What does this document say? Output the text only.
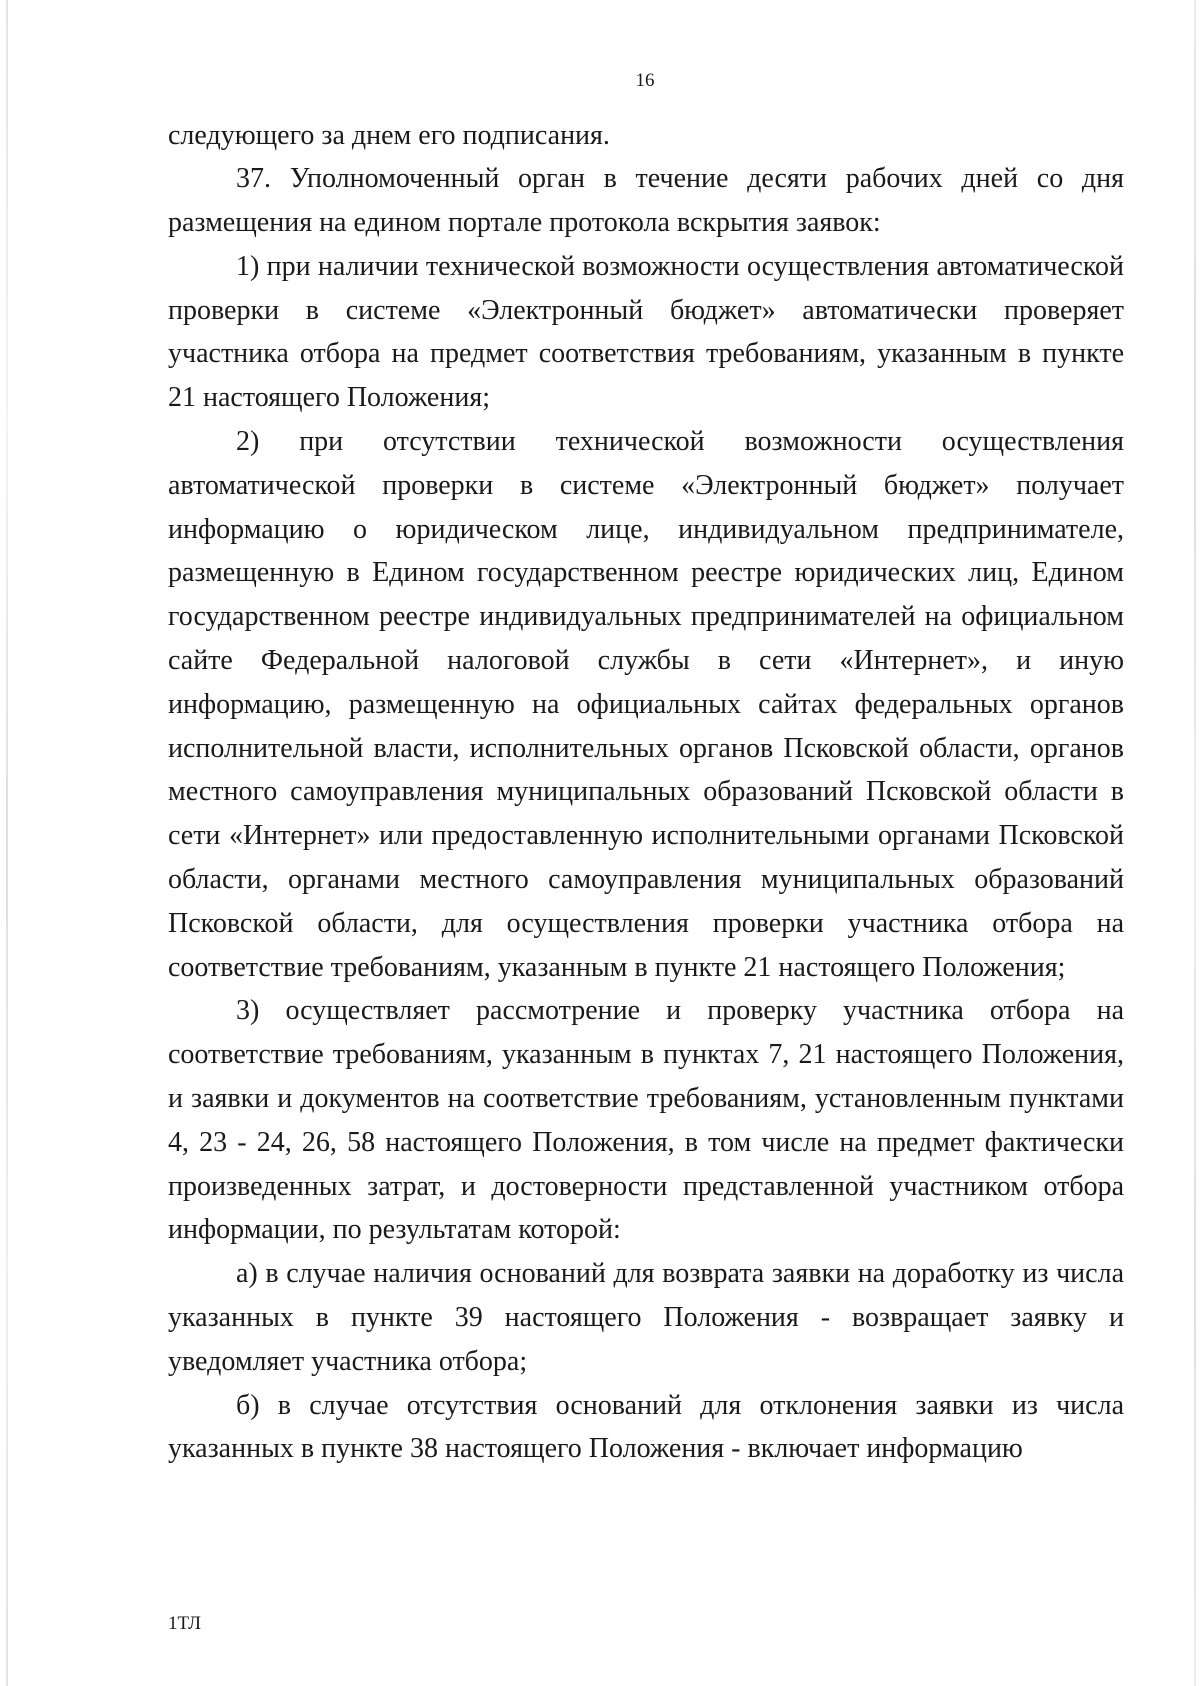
16

следующего за днем его подписания.

37. Уполномоченный орган в течение десяти рабочих дней со дня размещения на едином портале протокола вскрытия заявок:

1) при наличии технической возможности осуществления автоматической проверки в системе «Электронный бюджет» автоматически проверяет участника отбора на предмет соответствия требованиям, указанным в пункте 21 настоящего Положения;

2) при отсутствии технической возможности осуществления автоматической проверки в системе «Электронный бюджет» получает информацию о юридическом лице, индивидуальном предпринимателе, размещенную в Едином государственном реестре юридических лиц, Едином государственном реестре индивидуальных предпринимателей на официальном сайте Федеральной налоговой службы в сети «Интернет», и иную информацию, размещенную на официальных сайтах федеральных органов исполнительной власти, исполнительных органов Псковской области, органов местного самоуправления муниципальных образований Псковской области в сети «Интернет» или предоставленную исполнительными органами Псковской области, органами местного самоуправления муниципальных образований Псковской области, для осуществления проверки участника отбора на соответствие требованиям, указанным в пункте 21 настоящего Положения;

3) осуществляет рассмотрение и проверку участника отбора на соответствие требованиям, указанным в пунктах 7, 21 настоящего Положения, и заявки и документов на соответствие требованиям, установленным пунктами 4, 23 - 24, 26, 58 настоящего Положения, в том числе на предмет фактически произведенных затрат, и достоверности представленной участником отбора информации, по результатам которой:

а) в случае наличия оснований для возврата заявки на доработку из числа указанных в пункте 39 настоящего Положения - возвращает заявку и уведомляет участника отбора;

б) в случае отсутствия оснований для отклонения заявки из числа указанных в пункте 38 настоящего Положения - включает информацию

1ТЛ
